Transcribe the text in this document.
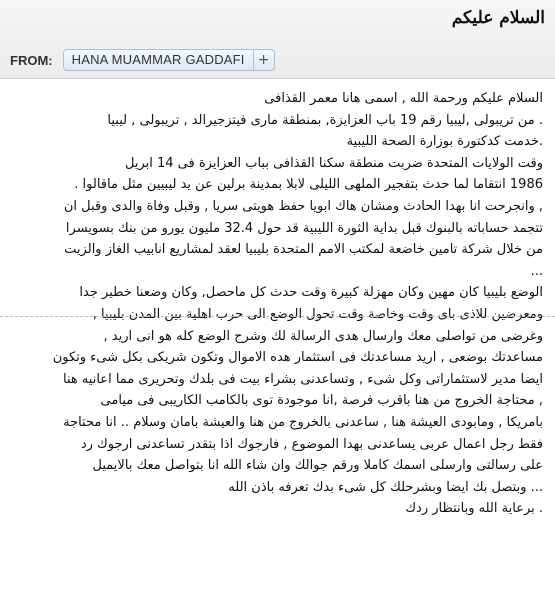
السلام عليكم
FROM:	HANA MUAMMAR GADDAFI +
السلام عليكم ورحمة الله , اسمى هانا معمر القذافى
. من تريبولى ,ليبيا رقم 19 باب العزايزة, بمنطقة مارى فيتزجيرالد , تريبولى , ليبيا
.خدمت كدكتورة بوزارة الصحة الليبية
وقت الولايات المتحدة ضربت منطقة سكنا القذافى بباب العزايزة فى 14 ابريل
1986 انتقاما لما حدث بتفجير الملهى الليلى لابلا بمدينة برلين عن يد ليبيين مثل ماقالوا .
, وانجرحت انا بهدا الحادث ومشان هاك ابويا حفظ هويتى سريا , وقبل وفاة والدى وقبل ان
تتجمد حساباته بالبنوك قبل بداية الثورة الليبية قد حول 32.4 مليون يورو من بنك بسويسرا
من خلال شركة تامين خاضعة لمكتب الامم المتحدة بليبيا لعقد لمشاريع انابيب الغاز والزيت
...
الوضع بليبيا كان مهين وكان مهزلة كبيرة وقت حدث كل ماحصل, وكان وضعنا خطير جدا
ومعرضين للاذى باى وقت وخاصة وقت تحول الوضع الى حرب اهلية بين المدن بليبيا ,
وغرضى من تواصلى معك وارسال هدى الرسالة لك وشرح الوضع كله هو انى اريد ,
مساعدتك بوضعى , اريد مساعدتك فى استثمار هده الاموال وتكون شريكى بكل شىء وتكون
ايضا مدير لاستثماراتى وكل شىء , وتساعدنى بشراء بيت فى بلدك وتحريرى مما اعانيه هنا
, محتاجة الخروج من هنا باقرب فرصة ,انا موجودة توى بالكامب الكاريبى فى ميامى
بامريكا , ومابودى العيشة هنا , ساعدنى بالخروج من هنا والعيشة بامان وسلام .. انا محتاجة
فقط رجل اعمال عربى يساعدنى بهدا الموضوع , فارجوك اذا بتقدر تساعدنى ارجوك رد
على رسالتى وارسلى اسمك كاملا ورقم جوالك وان شاء الله انا بتواصل معك بالايميل
... وبتصل بك ايضا وبشرحلك كل شىء بدك تعرفه باذن الله
. برعاية الله وبانتظار ردك
